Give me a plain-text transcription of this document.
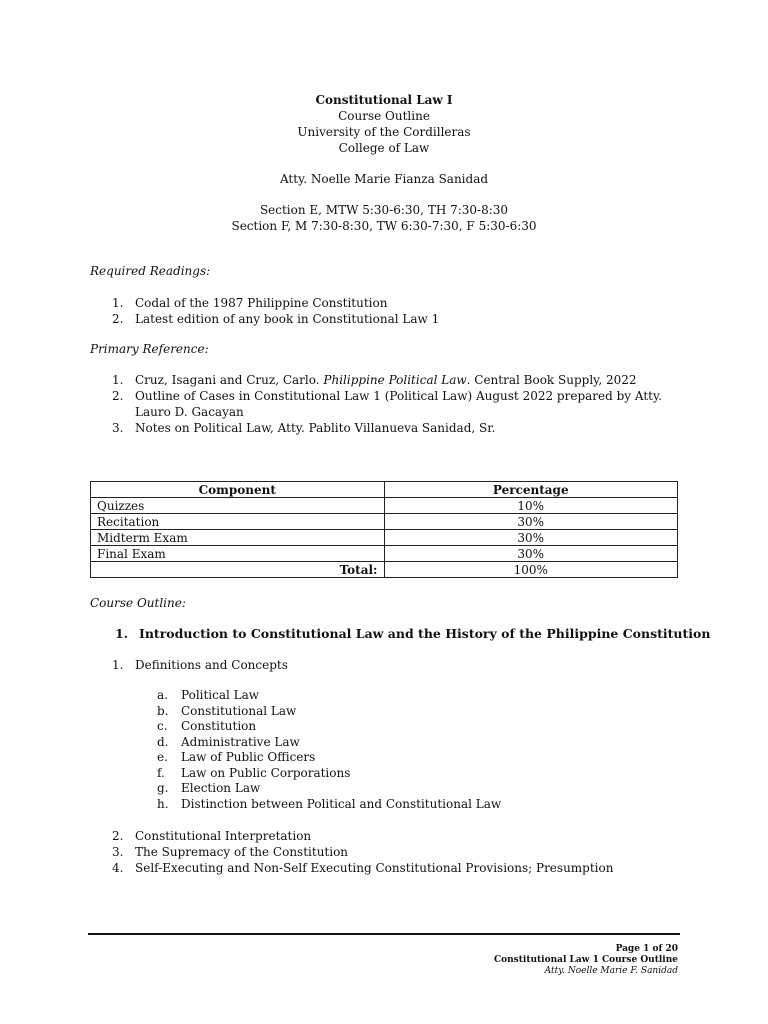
Constitutional Law I
Course Outline
University of the Cordilleras
College of Law
Atty. Noelle Marie Fianza Sanidad
Section E, MTW 5:30-6:30, TH 7:30-8:30
Section F, M 7:30-8:30, TW 6:30-7:30, F 5:30-6:30
Required Readings:
1. Codal of the 1987 Philippine Constitution
2. Latest edition of any book in Constitutional Law 1
Primary Reference:
1. Cruz, Isagani and Cruz, Carlo. Philippine Political Law. Central Book Supply, 2022
2. Outline of Cases in Constitutional Law 1 (Political Law) August 2022 prepared by Atty. Lauro D. Gacayan
3. Notes on Political Law, Atty. Pablito Villanueva Sanidad, Sr.
Component	Percentage
Quizzes	10%
Recitation	30%
Midterm Exam	30%
Final Exam	30%
Total:	100%
Course Outline:
1. Introduction to Constitutional Law and the History of the Philippine Constitution
1. Definitions and Concepts
a. Political Law
b. Constitutional Law
c. Constitution
d. Administrative Law
e. Law of Public Officers
f. Law on Public Corporations
g. Election Law
h. Distinction between Political and Constitutional Law
2. Constitutional Interpretation
3. The Supremacy of the Constitution
4. Self-Executing and Non-Self Executing Constitutional Provisions; Presumption
Page 1 of 20
Constitutional Law 1 Course Outline
Atty. Noelle Marie F. Sanidad
